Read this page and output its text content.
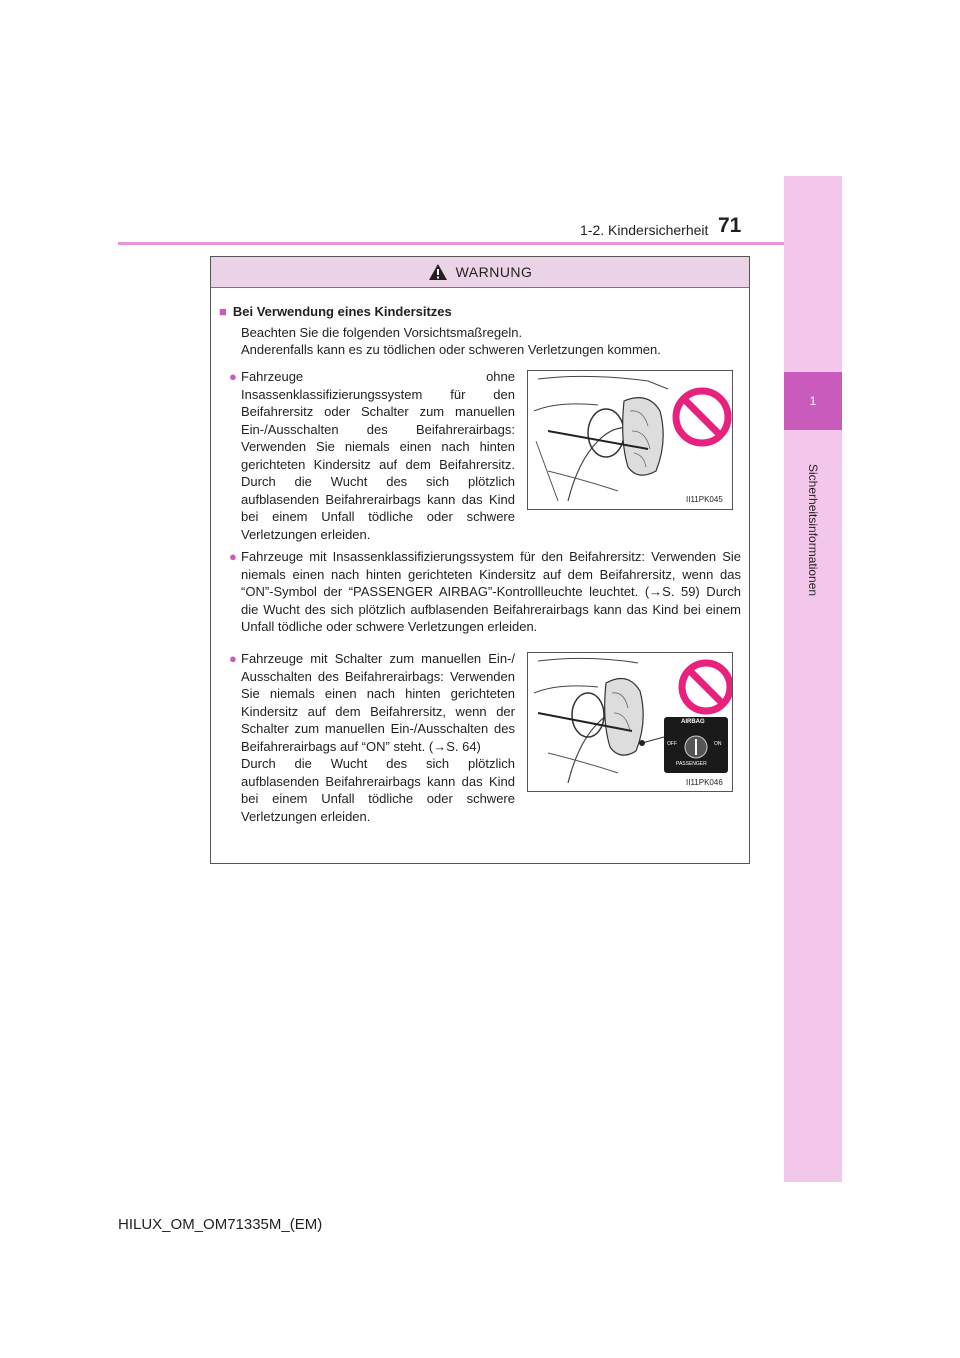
1
Sicherheitsinformationen
1-2. Kindersicherheit 71
WARNUNG
■ Bei Verwendung eines Kindersitzes
Beachten Sie die folgenden Vorsichtsmaßregeln.
Anderenfalls kann es zu tödlichen oder schweren Verletzungen kommen.
● Fahrzeuge ohne Insassenklassifizierungssystem für den Beifahrersitz oder Schalter zum manuellen Ein-/Ausschalten des Beifahrerairbags: Verwenden Sie niemals einen nach hinten gerichteten Kindersitz auf dem Beifahrersitz. Durch die Wucht des sich plötzlich aufblasenden Beifahrerairbags kann das Kind bei einem Unfall tödliche oder schwere Verletzungen erleiden.
II11PK045
● Fahrzeuge mit Insassenklassifizierungssystem für den Beifahrersitz: Verwenden Sie niemals einen nach hinten gerichteten Kindersitz auf dem Beifahrersitz, wenn das “ON”-Symbol der “PASSENGER AIRBAG”-Kontrollleuchte leuchtet. (→S. 59) Durch die Wucht des sich plötzlich aufblasenden Beifahrerairbags kann das Kind bei einem Unfall tödliche oder schwere Verletzungen erleiden.
● Fahrzeuge mit Schalter zum manuellen Ein-/ Ausschalten des Beifahrerairbags: Verwenden Sie niemals einen nach hinten gerichteten Kindersitz auf dem Beifahrersitz, wenn der Schalter zum manuellen Ein-/Ausschalten des Beifahrerairbags auf “ON” steht. (→S. 64)
Durch die Wucht des sich plötzlich aufblasenden Beifahrerairbags kann das Kind bei einem Unfall tödliche oder schwere Verletzungen erleiden.
AIRBAG
OFF	ON
PASSENGER
II11PK046
HILUX_OM_OM71335M_(EM)
